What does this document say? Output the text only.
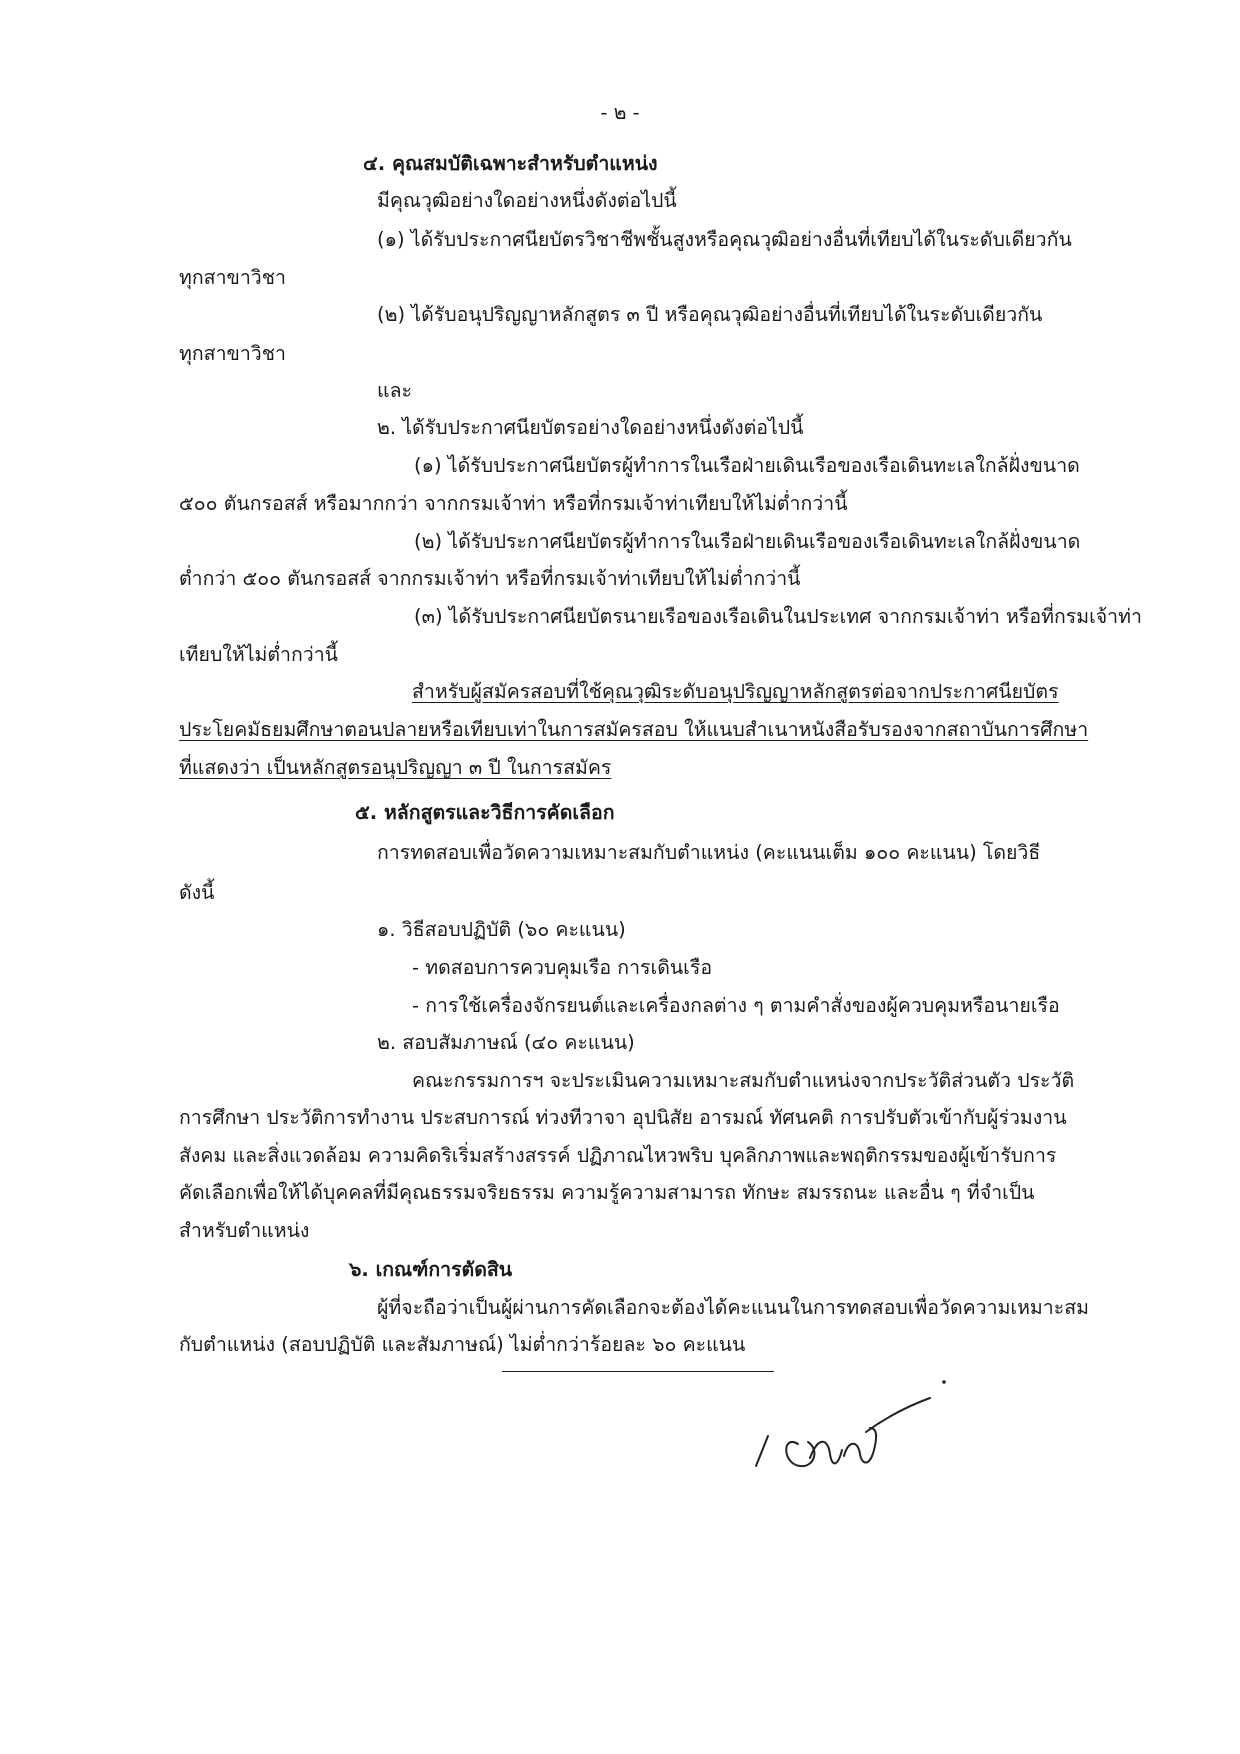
- ๒ -
๔. คุณสมบัติเฉพาะสำหรับตำแหน่ง
มีคุณวุฒิอย่างใดอย่างหนึ่งดังต่อไปนี้
(๑) ได้รับประกาศนียบัตรวิชาชีพชั้นสูงหรือคุณวุฒิอย่างอื่นที่เทียบได้ในระดับเดียวกัน
ทุกสาขาวิชา
(๒) ได้รับอนุปริญญาหลักสูตร ๓ ปี หรือคุณวุฒิอย่างอื่นที่เทียบได้ในระดับเดียวกัน
ทุกสาขาวิชา
และ
๒. ได้รับประกาศนียบัตรอย่างใดอย่างหนึ่งดังต่อไปนี้
(๑) ได้รับประกาศนียบัตรผู้ทำการในเรือฝ่ายเดินเรือของเรือเดินทะเลใกล้ฝั่งขนาด
๕๐๐ ตันกรอสส์ หรือมากกว่า จากกรมเจ้าท่า หรือที่กรมเจ้าท่าเทียบให้ไม่ต่ำกว่านี้
(๒) ได้รับประกาศนียบัตรผู้ทำการในเรือฝ่ายเดินเรือของเรือเดินทะเลใกล้ฝั่งขนาด
ต่ำกว่า ๕๐๐ ตันกรอสส์ จากกรมเจ้าท่า หรือที่กรมเจ้าท่าเทียบให้ไม่ต่ำกว่านี้
(๓) ได้รับประกาศนียบัตรนายเรือของเรือเดินในประเทศ จากกรมเจ้าท่า หรือที่กรมเจ้าท่า
เทียบให้ไม่ต่ำกว่านี้
สำหรับผู้สมัครสอบที่ใช้คุณวุฒิระดับอนุปริญญาหลักสูตรต่อจากประกาศนียบัตร
ประโยคมัธยมศึกษาตอนปลายหรือเทียบเท่าในการสมัครสอบ ให้แนบสำเนาหนังสือรับรองจากสถาบันการศึกษา
ที่แสดงว่า เป็นหลักสูตรอนุปริญญา ๓ ปี ในการสมัคร
๕. หลักสูตรและวิธีการคัดเลือก
การทดสอบเพื่อวัดความเหมาะสมกับตำแหน่ง (คะแนนเต็ม ๑๐๐ คะแนน) โดยวิธี
ดังนี้
๑. วิธีสอบปฏิบัติ (๖๐ คะแนน)
- ทดสอบการควบคุมเรือ การเดินเรือ
- การใช้เครื่องจักรยนต์และเครื่องกลต่าง ๆ ตามคำสั่งของผู้ควบคุมหรือนายเรือ
๒. สอบสัมภาษณ์ (๔๐ คะแนน)
คณะกรรมการฯ จะประเมินความเหมาะสมกับตำแหน่งจากประวัติส่วนตัว ประวัติ
การศึกษา ประวัติการทำงาน ประสบการณ์ ท่วงทีวาจา อุปนิสัย อารมณ์ ทัศนคติ การปรับตัวเข้ากับผู้ร่วมงาน
สังคม และสิ่งแวดล้อม ความคิดริเริ่มสร้างสรรค์ ปฏิภาณไหวพริบ บุคลิกภาพและพฤติกรรมของผู้เข้ารับการ
คัดเลือกเพื่อให้ได้บุคคลที่มีคุณธรรมจริยธรรม ความรู้ความสามารถ ทักษะ สมรรถนะ และอื่น ๆ ที่จำเป็น
สำหรับตำแหน่ง
๖. เกณฑ์การตัดสิน
ผู้ที่จะถือว่าเป็นผู้ผ่านการคัดเลือกจะต้องได้คะแนนในการทดสอบเพื่อวัดความเหมาะสม
กับตำแหน่ง (สอบปฏิบัติ และสัมภาษณ์) ไม่ต่ำกว่าร้อยละ ๖๐ คะแนน
